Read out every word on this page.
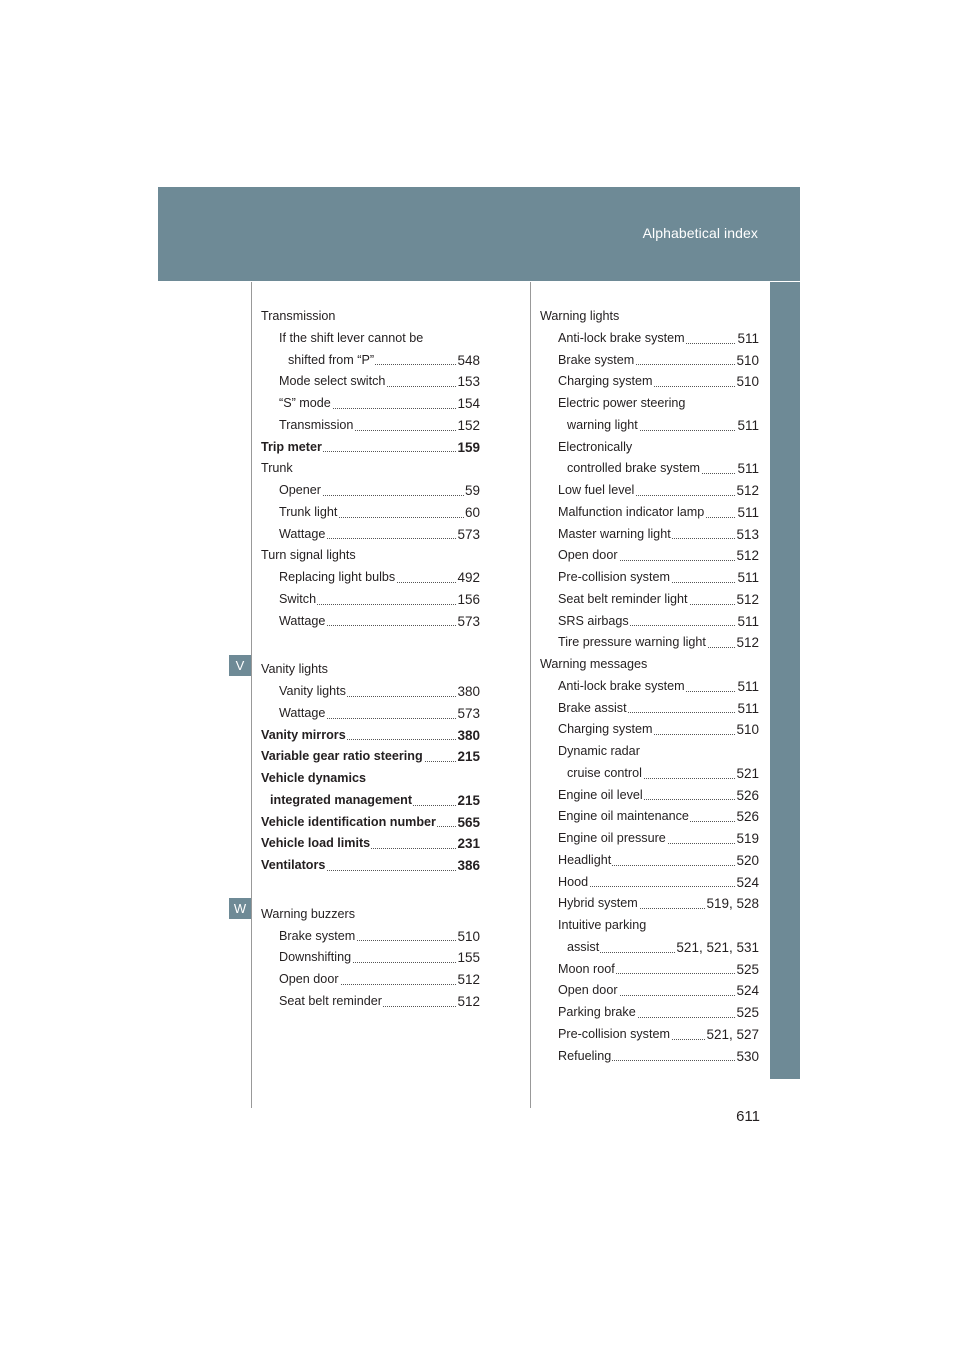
Alphabetical index
V
W
Transmission
If the shift lever cannot be
shifted from “P”	548
Mode select switch	153
“S” mode	154
Transmission	152
Trip meter	159
Trunk
Opener	59
Trunk light	60
Wattage	573
Turn signal lights
Replacing light bulbs	492
Switch	156
Wattage	573
Vanity lights
Vanity lights	380
Wattage	573
Vanity mirrors	380
Variable gear ratio steering	215
Vehicle dynamics
integrated management	215
Vehicle identification number 565
Vehicle load limits	231
Ventilators	386
Warning buzzers
Brake system	510
Downshifting	155
Open door	512
Seat belt reminder	512
Warning lights
Anti-lock brake system	511
Brake system	510
Charging system	510
Electric power steering
warning light	511
Electronically
controlled brake system	511
Low fuel level	512
Malfunction indicator lamp 511
Master warning light	513
Open door	512
Pre-collision system	511
Seat belt reminder light	512
SRS airbags	511
Tire pressure warning light 512
Warning messages
Anti-lock brake system	511
Brake assist	511
Charging system	510
Dynamic radar
cruise control	521
Engine oil level	526
Engine oil maintenance	526
Engine oil pressure	519
Headlight	520
Hood	524
Hybrid system	519, 528
Intuitive parking
assist	521, 521, 531
Moon roof	525
Open door	524
Parking brake	525
Pre-collision system	521, 527
Refueling	530
611
